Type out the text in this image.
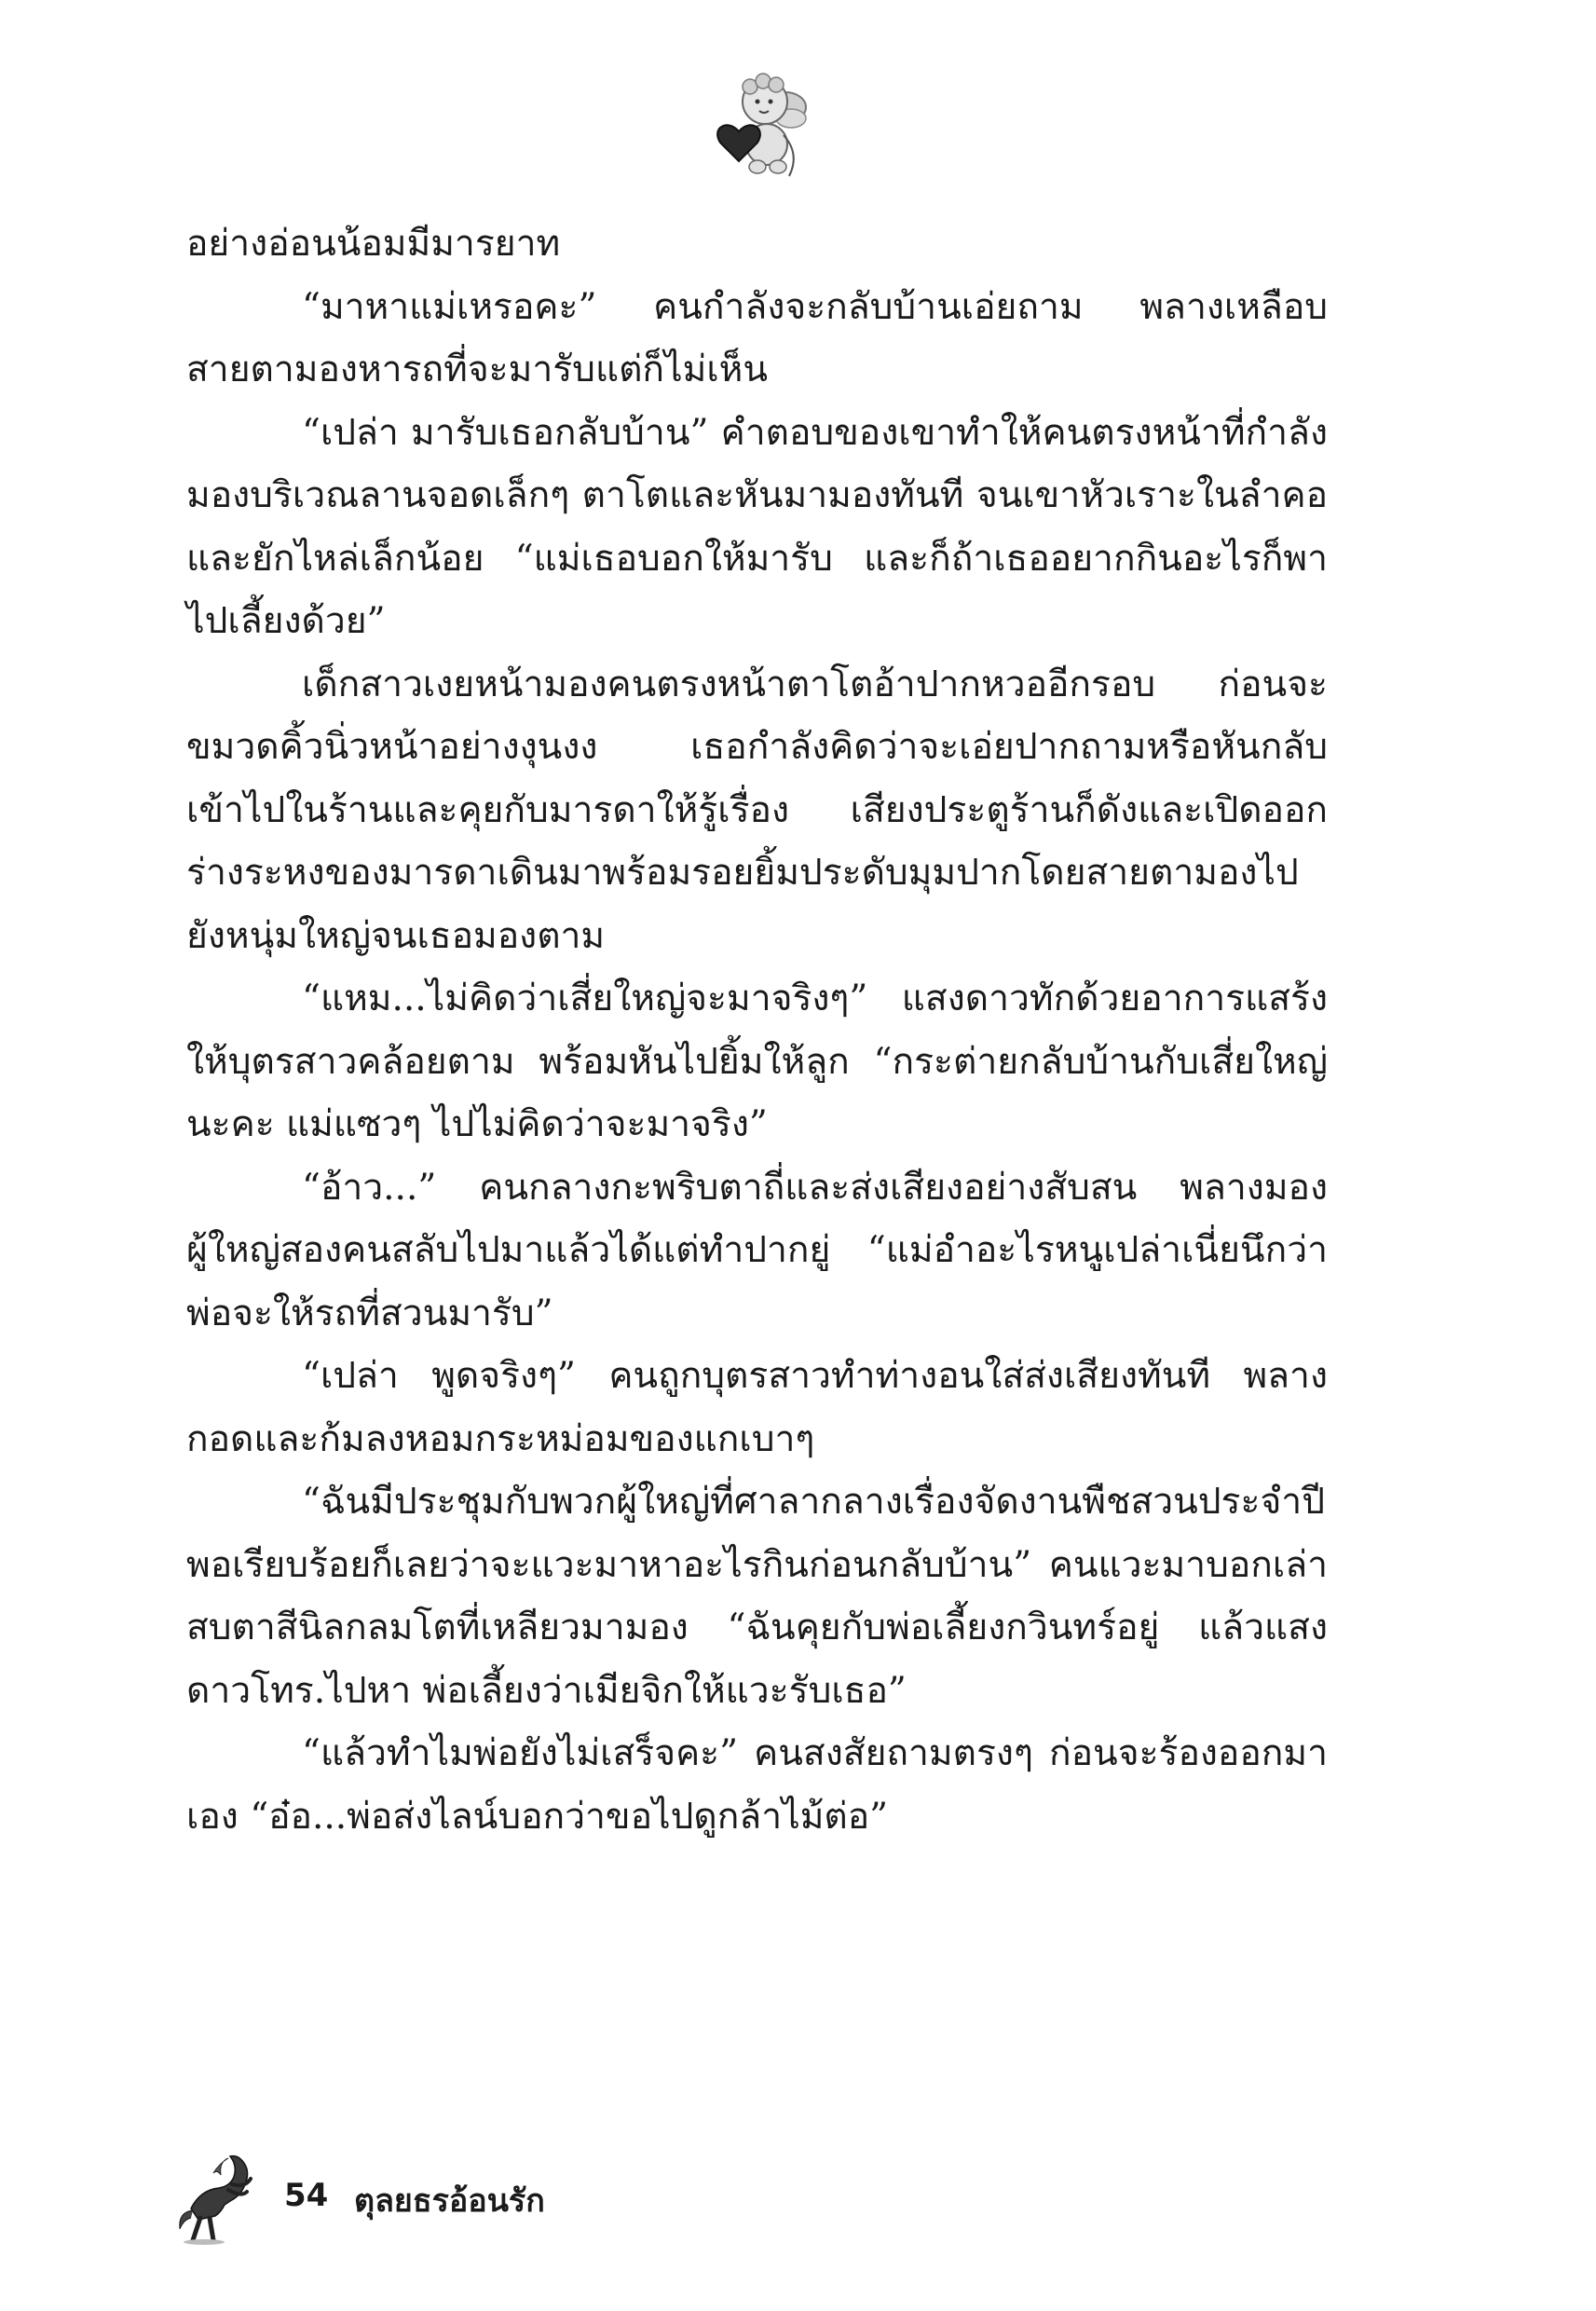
อย่างอ่อนน้อมมีมารยาท

“มาหาแม่เหรอคะ” คนกำลังจะกลับบ้านเอ่ยถาม พลางเหลือบสายตามองหารถที่จะมารับแต่ก็ไม่เห็น

“เปล่า มารับเธอกลับบ้าน” คำตอบของเขาทำให้คนตรงหน้าที่กำลังมองบริเวณลานจอดเล็กๆ ตาโตและหันมามองทันที จนเขาหัวเราะในลำคอและยักไหล่เล็กน้อย “แม่เธอบอกให้มารับ และก็ถ้าเธออยากกินอะไรก็พาไปเลี้ยงด้วย”

เด็กสาวเงยหน้ามองคนตรงหน้าตาโตอ้าปากหวออีกรอบ ก่อนจะขมวดคิ้วนิ่วหน้าอย่างงุนงง เธอกำลังคิดว่าจะเอ่ยปากถามหรือหันกลับเข้าไปในร้านและคุยกับมารดาให้รู้เรื่อง เสียงประตูร้านก็ดังและเปิดออกร่างระหงของมารดาเดินมาพร้อมรอยยิ้มประดับมุมปากโดยสายตามองไปยังหนุ่มใหญ่จนเธอมองตาม

“แหม...ไม่คิดว่าเสี่ยใหญ่จะมาจริงๆ” แสงดาวทักด้วยอาการแสร้งให้บุตรสาวคล้อยตาม พร้อมหันไปยิ้มให้ลูก “กระต่ายกลับบ้านกับเสี่ยใหญ่นะคะ แม่แซวๆ ไปไม่คิดว่าจะมาจริง”

“อ้าว...” คนกลางกะพริบตาถี่และส่งเสียงอย่างสับสน พลางมองผู้ใหญ่สองคนสลับไปมาแล้วได้แต่ทำปากยู่ “แม่อำอะไรหนูเปล่าเนี่ยนึกว่าพ่อจะให้รถที่สวนมารับ”

“เปล่า พูดจริงๆ” คนถูกบุตรสาวทำท่างอนใส่ส่งเสียงทันที พลางกอดและก้มลงหอมกระหม่อมของแกเบาๆ

“ฉันมีประชุมกับพวกผู้ใหญ่ที่ศาลากลางเรื่องจัดงานพืชสวนประจำปี พอเรียบร้อยก็เลยว่าจะแวะมาหาอะไรกินก่อนกลับบ้าน” คนแวะมาบอกเล่า สบตาสีนิลกลมโตที่เหลียวมามอง “ฉันคุยกับพ่อเลี้ยงกวินทร์อยู่ แล้วแสงดาวโทร.ไปหา พ่อเลี้ยงว่าเมียจิกให้แวะรับเธอ”

“แล้วทำไมพ่อยังไม่เสร็จคะ” คนสงสัยถามตรงๆ ก่อนจะร้องออกมาเอง “อ๋อ...พ่อส่งไลน์บอกว่าขอไปดูกล้าไม้ต่อ”

54 ตุลยธรอ้อนรัก
